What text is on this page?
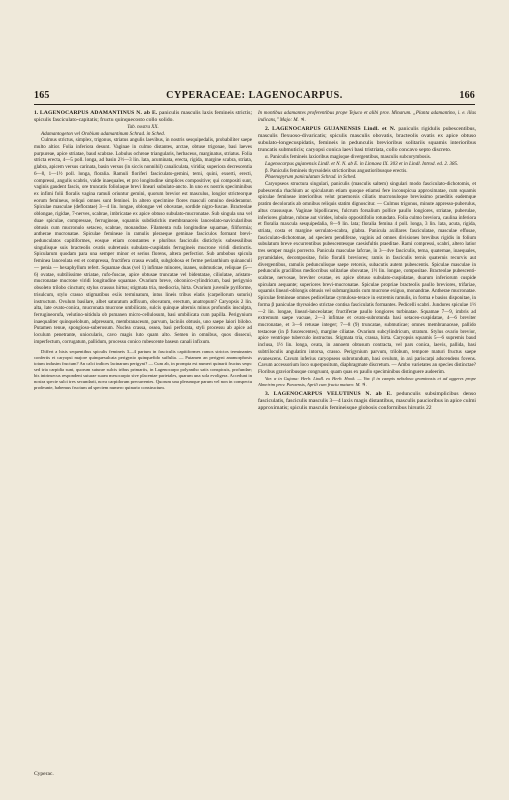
165	CYPERACEAE: LAGENOCARPUS.	166

1. LAGENOCARPUS ADAMANTINUS N. ab E. paniculis masculis laxis femineis strictis; spiculis fasciculato-capitatis; fructu quinquecosto collo solido.

Tab. nostra XX.

Adamantogeton vel Orobium adamantinum Schrad. in Sched.

Culmus strictus, simplex, trigonus, striatus angulis laevibus, in nostris sesquipedalis, probabiliter saepe multo altior. Folia inferiora desunt. Vaginae in culmo distantes, arctae, obtuse trigonae, basi laeves purpureae, apice striatae, baud scabrae. Lobulus ochreae triangularis, herbaceus, marginatus, striatus. Folia stricta erecta, 4—5 poll. longa, ad basin 2½—3 lin. lata, acuminata, erecta, rigida, margine scabra, striata, glabra, apicem versus carinata, basin versus (in siccis nonnihil) canaliculata, viridia; superiora decrescentia 6—8, 1—1½ poll. longa, floralia. Ramuli floriferi fasciculato-gemini, terni, quini, exserti, erecti, compressi, angulis scabris, valde inaequales, et pro longitudine simplices compositive; qui compositi sunt, vaginis gaudent fascis, ore truncatis foliolaque brevi lineari subulato-ancto. In uno ex nostris speciminibus ex infimi folii floralis vagina ramuli oriuntur gemini, quorum brevior est masculus, longior stricteorque eorum femineus, reliqui omnes sunt feminei. In altero specimine flores masculi omnino desiderantur. Spiculae masculae (defloratae) 3—4 lin. longae, oblongae vel obovatae, sordide nigro-fuscae. Bracteolae oblongae, rigidae, 7-nerves, scabrae, imbricatae ex apice obtuso subulato-mucronatae. Sub singula una vel duae spiculae, compressae, ferrugineae, squamis subdistichis membranaceis lanceolato-naviculariibus obtusis cum mucronulo setaceo, scabrae, monandrae. Filamenta rufa longitudine squamae, filiformia; antherae mucronatae. Spiculae femineae in ramulis pleraeque geminae fasciculos formant brevi-pedunculatos capitiformes, eosque etiam constantes e pluribus fasciculis distichyis subsessilibus singulisque suis bracteolis ovatis subretusis subulato-cuspidatis ferrugineis mucrone viridi distinctis. Spicularum quodam para una semper minor et serius florens, altera perfectior. Sub ambobus spicula feminea lanceolata est et compressa, fructifera crassa evadit, subglobosa et ferme perianthium quinanculi — penia — hexaphyllum refert. Squamae duas (vel 1) infimae minores, inanes, submuticae, reliquae (5—6) ovatae, subtilissime striatae, rufo-fuscae, apice obtusae truncatae vel bidentatae, ciliolatae, aristato-mucronatae mucrone viridi longitudine squamae. Ovarium breve, obconico-cylindricum, basi perigynio obsoleto trilobo cinctum; stylus crassus hirtus; stigmata tria, mediocria, hirta. Ovarium juvenile pyriforme, trisulcum, stylo crasso stigmatibus exiis terminatum, intus lineis tribus elatis (carpellorum suturis) instructum. Ovulum basilare, albet saturatum adfixum, obovatum, erectum, anatropum? Caryopsis 2 lin. alta, late ovato-conica, mucronata mucrone umbilicato, sulcis quinque alternis minus profundis insculpta, ferrugineorufa, velutino-nitidula ob psmanen micro-cellulosum, basi umbilicata cum papilla. Perigynium inaequaliter quinquelobum, adpressum, membranaceum, parvum, laciniis obtusis, uno saepe laiori bilobo. Putamen tenue, spongioso-suberosum. Nuclea crassa, ossea, basi perforata, styli processu ab apice ad loculum penetrante, uniocularis, cavo magis luto quam alto. Semen in omnibus, quos dissecui, imperfectum, corrugatum, pallidum, processu conico rubescente basesn canali infixum.

Differt a hisis sequentibus spiculis femineis 3—4 partum in fasciculis capitiformes ramos strictos terminantes confertis et caryopsi majore quinquesulcata perigynio quinquefido suffulta. — Putamen an perigyni anamorphosis totum indusim fructum? An calci indices lacinarum perigyni? — Cum ab, in prompta est numeri quinarii fructus seqn: sed tria carpidia sunt, quorum suturae sulcis tribus primariis, in Lagenocarpo polyantho satis conspicuis, profundae; bis intrinsecus respondent suturae suaea mesocarpio sive placentae parietales, quarum una sola evoligera. Accedunt in nostra specie sulci tres secundarii, nova carpidorum precurrentes. Quorum una plerumque parum vel non in conspectu prodeunte, habemus fructum ad speciem numero quinario constructum.

In montibus adamantes proferentibus prope Tejuco et alibi prov. Minarum. „Planta adamantino, i. e. illas indicans," Majo: M. ♃.

2. LAGENOCARPUS GUJANENSIS Lindl. et N. paniculis rigidulis pubescentibus, masculis flexuoso-divaricatis; spiculis masculis obovatis, bracteolis ovatis ex apice obtuso subulato-longecuspidatis, femineis in pedunculis brevioribus solitariis squamis interioribus truncatis submuticis; caryopsi conica laevi basi tristriata, collo concavo septo discreto.

α. Paniculis femineis laxioribus magisque divergentibus, masculis subcorymbosis.

Lagenocarpus gujanensis Lindl. et N. N. ab E. in Linnaea IX. 303 et in Lindl. Introd. ed. 2. 385.

β. Paniculis femineis thyrsoideis strictioribus angustioribusque erectis.

Phaenopyrum paniculatum Schrad. in Sched.

Caryopseos structura singulari, paniculis (masculis saltem) singulari modo fasciculato-dichotomis, et pubescentia rhachium ac spicularum etiam quoque etiamsi fere inconspicua approximatae, cum squamis spiculae femineae interioribus velut praemorsis ciliatis mucronuloque brevissimo praeditis eademque pratim decoloratis ab omnibus reliquis statim dignoscitur. — Culmus trigonus, minute appresso-puberulus, altus crassusque. Vaginae bipollicares, fulcrum forsalium pollice paullo longiores, striatae, puberulae, inferiores glabrae, rubrae aut virides, lobulo oppositifolio rotundato. Folia culmo breviora, caulina inferiora et floralia maxcula sesquipedalia, 8—9 lin. lata; floralia femina 4 poll. longa, 3 lin. lata, acuta, rigida, striata, costa et margine serrulato-scabra, glabra. Panicula axillares fasciculatae, masculae effusae, fasciculato-dichotomae, ad speciem pendiferae, vaginis ad omnes divisiones brevibus rigidis in folium subulatum breve excurrentibus pubescentesque caesisfultis praeditae. Rami compressi, scabri, altero latior tres semper magis porrecto. Panicula masculae lafcrae, in 3—4ve fasciculis, terna, quaternae, inaequales, pyramidales, decompositae, folio floralli breviores; ramis in fasciculis ternis quaternis recurvis aut divergentibus, ramulis pedunculisque saepe retorsis, subacutis autem pubescentis. Spiculae masculae in pedunculis gracilibus mediocribus solitariae obovatae, 1½ lin. longae, compositae. Bracteolae pubescenti-scabrae, nervosae, breviter ovatae, ex apice obtuso subulato-cuspidatae, duarum inferiorum cuspide spiculam aequante; superiores brevi-mucronatae. Spiculae propriae bracteolis paullo breviores, trifariae, squamis lineari-oblongis obtusis vel submarginatis cum mucrone exiguo, monandrae. Antherae mucronatae. Spiculae femineae omnes pedicellatae cymuloso-terace in extremis ramulis, in forma e basiss disponitae, in forma β paniculae thyrsoideo strictae contisa fasciculatis formantes. Pedicelli scabri. Jundores spiculae 1½—2 lin. longae, lineari-lanceolatae; fructiferae paullo longiores turbinatae. Squamae 7—9, imbris ad extremum saepe vacuae, 2—3 infimae et ovato-subrotunda basi setaceo-cuspidatae, 4—6 breviter mucronatae, et 3—6 retusae integer; 7—8 (9) truncatae, submuticae; omnes membranaceae, pallido testaceae (in β fuscescentes), margine ciliatae. Ovarium subcylindricum, stratum. Stylus ovario brevior, apice ventrique tuberculo instructus. Stigmata tria, crassa, hirta. Caryopsis squamis 5—6 supremis baud inclusa, 1½ lin. longa, ovata, in annoem obtusum contracta, vel pars conica, laevis, pallida, basi subtriloculis angulatim intorsa, crasso. Perigynium parvum, trilobum, tempore maturi fructus saepe evanescens. Cavum inferius caryopseos subrotundum, basi ovulum, in axi pariscarpi adscendens fovens. Cavum accessorium loco superpositum, diaphragmate discretum. — Ambo varietates an species distinctae? Floribus gravioribusque congruunt, quam quas ex paullo speciminibus distinguere audeerim.

Var. α in Gujana: Herb. Lindl. ex Herb. Hook. — Var. β in campis nebuloso graminosis et ad aggeres prope Almeirim prov. Paraensis, Aprili cum fructu maturo: M. ♃.

3. LAGENOCARPUS VELUTINUS N. ab E. pedunculis subsimplicibus denso fasciculatis, fasciculis masculis 3—4 laxis magis distantibus, masculis paucioribus in apice culmi approximatis; spiculis masculis femineisque globosis conformibus hirsutis 22

Cyperac.
